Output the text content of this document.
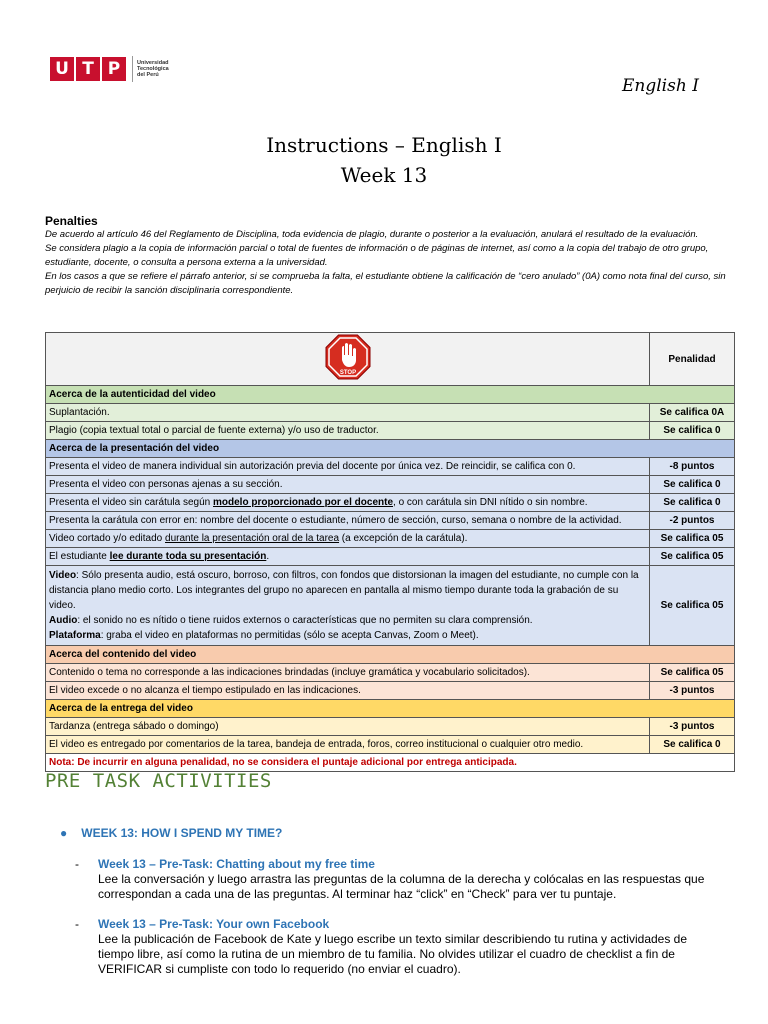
U T P	Universidad
Tecnológica
del Perú
English I
Instructions – English I
Week 13
Penalties
De acuerdo al artículo 46 del Reglamento de Disciplina, toda evidencia de plagio, durante o posterior a la evaluación, anulará el resultado de la evaluación.
Se considera plagio a la copia de información parcial o total de fuentes de información o de páginas de internet, así como a la copia del trabajo de otro grupo, estudiante, docente, o consulta a persona externa a la universidad.
En los casos a que se refiere el párrafo anterior, si se comprueba la falta, el estudiante obtiene la calificación de “cero anulado” (0A) como nota final del curso, sin perjuicio de recibir la sanción disciplinaria correspondiente.
STOP	Penalidad
Acerca de la autenticidad del video	
Suplantación.	Se califica 0A
Plagio (copia textual total o parcial de fuente externa) y/o uso de traductor.	Se califica 0
Acerca de la presentación del video	
Presenta el video de manera individual sin autorización previa del docente por única vez. De reincidir, se califica con 0.	-8 puntos
Presenta el video con personas ajenas a su sección.	Se califica 0
Presenta el video sin carátula según modelo proporcionado por el docente, o con carátula sin DNI nítido o sin nombre.	Se califica 0
Presenta la carátula con error en: nombre del docente o estudiante, número de sección, curso, semana o nombre de la actividad.	-2 puntos
Video cortado y/o editado durante la presentación oral de la tarea (a excepción de la carátula).	Se califica 05
El estudiante lee durante toda su presentación.	Se califica 05
Video: Sólo presenta audio, está oscuro, borroso, con filtros, con fondos que distorsionan la imagen del estudiante, no cumple con la distancia plano medio corto. Los integrantes del grupo no aparecen en pantalla al mismo tiempo durante toda la grabación de su video.
Audio: el sonido no es nítido o tiene ruidos externos o características que no permiten su clara comprensión.
Plataforma: graba el video en plataformas no permitidas (sólo se acepta Canvas, Zoom o Meet).	Se califica 05
Acerca del contenido del video	
Contenido o tema no corresponde a las indicaciones brindadas (incluye gramática y vocabulario solicitados).	Se califica 05
El video excede o no alcanza el tiempo estipulado en las indicaciones.	-3 puntos
Acerca de la entrega del video	
Tardanza (entrega sábado o domingo)	-3 puntos
El video es entregado por comentarios de la tarea, bandeja de entrada, foros, correo institucional o cualquier otro medio.	Se califica 0
Nota: De incurrir en alguna penalidad, no se considera el puntaje adicional por entrega anticipada.	
PRE TASK ACTIVITIES
● WEEK 13: HOW I SPEND MY TIME?
- Week 13 – Pre-Task: Chatting about my free time
Lee la conversación y luego arrastra las preguntas de la columna de la derecha y colócalas en las respuestas que correspondan a cada una de las preguntas. Al terminar haz “click” en “Check” para ver tu puntaje.
- Week 13 – Pre-Task: Your own Facebook
Lee la publicación de Facebook de Kate y luego escribe un texto similar describiendo tu rutina y actividades de tiempo libre, así como la rutina de un miembro de tu familia. No olvides utilizar el cuadro de checklist a fin de VERIFICAR si cumpliste con todo lo requerido (no enviar el cuadro).
